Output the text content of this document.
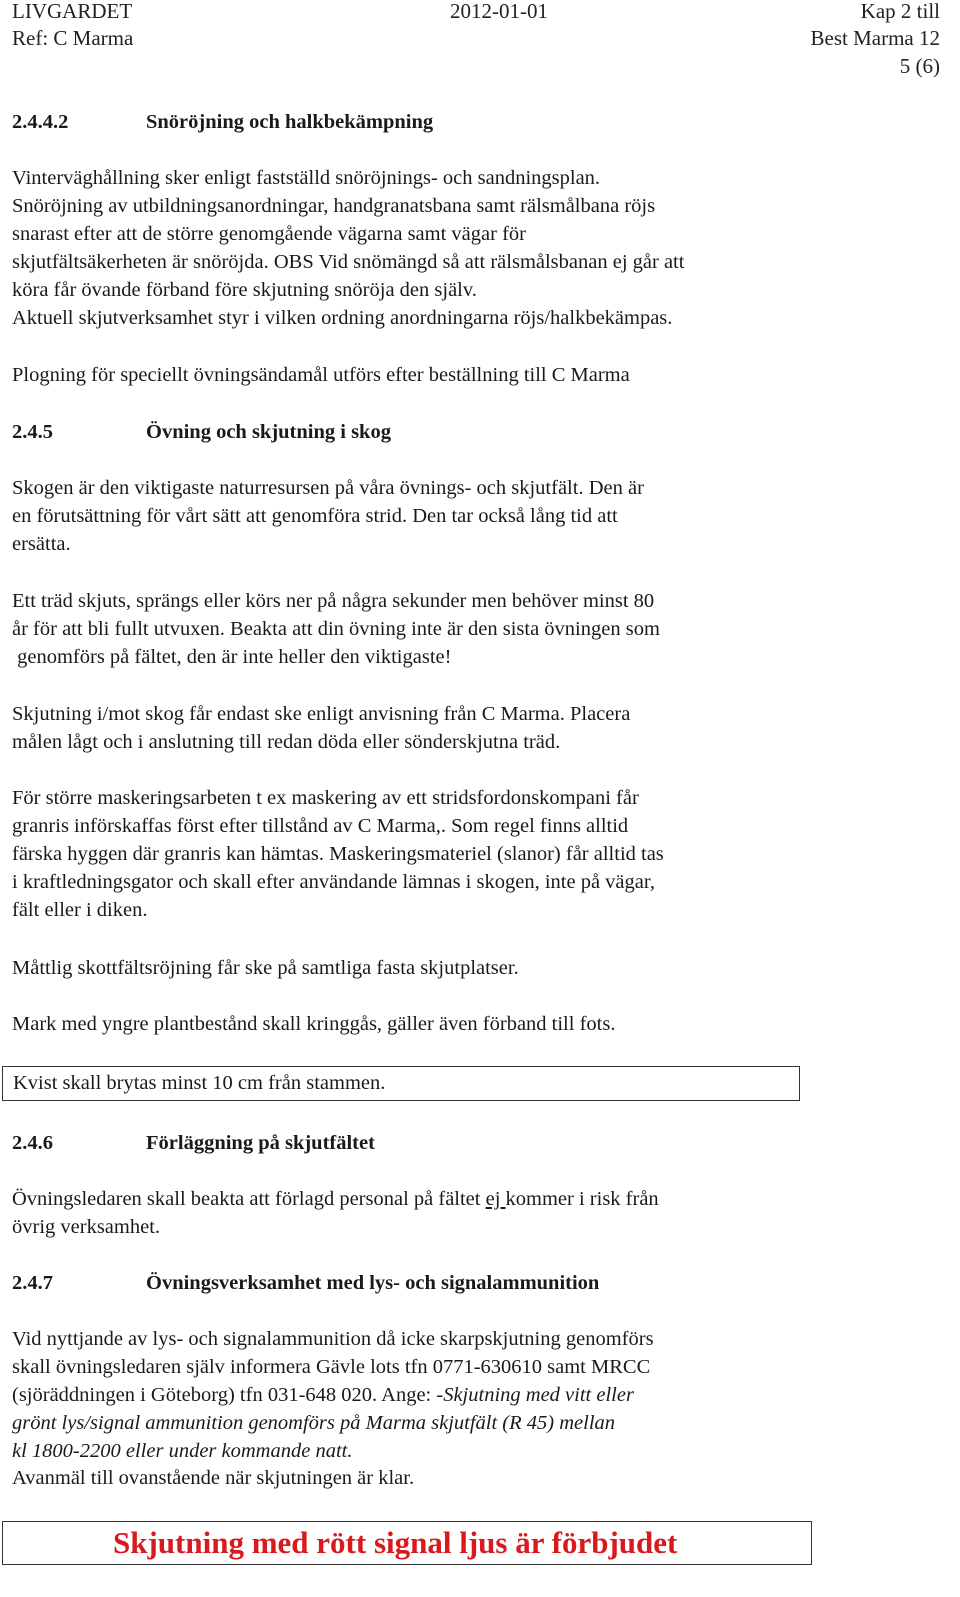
LIVGARDET	2012-01-01	Kap 2 till
Ref: C Marma	Best Marma 12
5 (6)
2.4.4.2	Snöröjning och halkbekämpning
Vinterväghållning sker enligt fastställd snöröjnings- och sandningsplan.
Snöröjning av utbildningsanordningar, handgranatsbana samt rälsmålbana röjs
snarast efter att de större genomgående vägarna samt vägar för
skjutfältsäkerheten är snöröjda. OBS Vid snömängd så att rälsmålsbanan ej går att
köra får övande förband före skjutning snöröja den själv.
Aktuell skjutverksamhet styr i vilken ordning anordningarna röjs/halkbekämpas.
Plogning för speciellt övningsändamål utförs efter beställning till C Marma
2.4.5	Övning och skjutning i skog
Skogen är den viktigaste naturresursen på våra övnings- och skjutfält. Den är
en förutsättning för vårt sätt att genomföra strid. Den tar också lång tid att
ersätta.
Ett träd skjuts, sprängs eller körs ner på några sekunder men behöver minst 80
år för att bli fullt utvuxen. Beakta att din övning inte är den sista övningen som
genomförs på fältet, den är inte heller den viktigaste!
Skjutning i/mot skog får endast ske enligt anvisning från C Marma. Placera
målen lågt och i anslutning till redan döda eller sönderskjutna träd.
För större maskeringsarbeten t ex maskering av ett stridsfordonskompani får
granris införskaffas först efter tillstånd av C Marma,. Som regel finns alltid
färska hyggen där granris kan hämtas. Maskeringsmateriel (slanor) får alltid tas
i kraftledningsgator och skall efter användande lämnas i skogen, inte på vägar,
fält eller i diken.
Måttlig skottfältsröjning får ske på samtliga fasta skjutplatser.
Mark med yngre plantbestånd skall kringgås, gäller även förband till fots.
Kvist skall brytas minst 10 cm från stammen.
2.4.6	Förläggning på skjutfältet
Övningsledaren skall beakta att förlagd personal på fältet ej kommer i risk från
övrig verksamhet.
2.4.7	Övningsverksamhet med lys- och signalammunition
Vid nyttjande av lys- och signalammunition då icke skarpskjutning genomförs
skall övningsledaren själv informera Gävle lots tfn 0771-630610 samt MRCC
(sjöräddningen i Göteborg) tfn 031-648 020. Ange: -Skjutning med vitt eller
grönt lys/signal ammunition genomförs på Marma skjutfält (R 45) mellan
kl 1800-2200 eller under kommande natt.
Avanmäl till ovanstående när skjutningen är klar.
Skjutning med rött signal ljus är förbjudet
